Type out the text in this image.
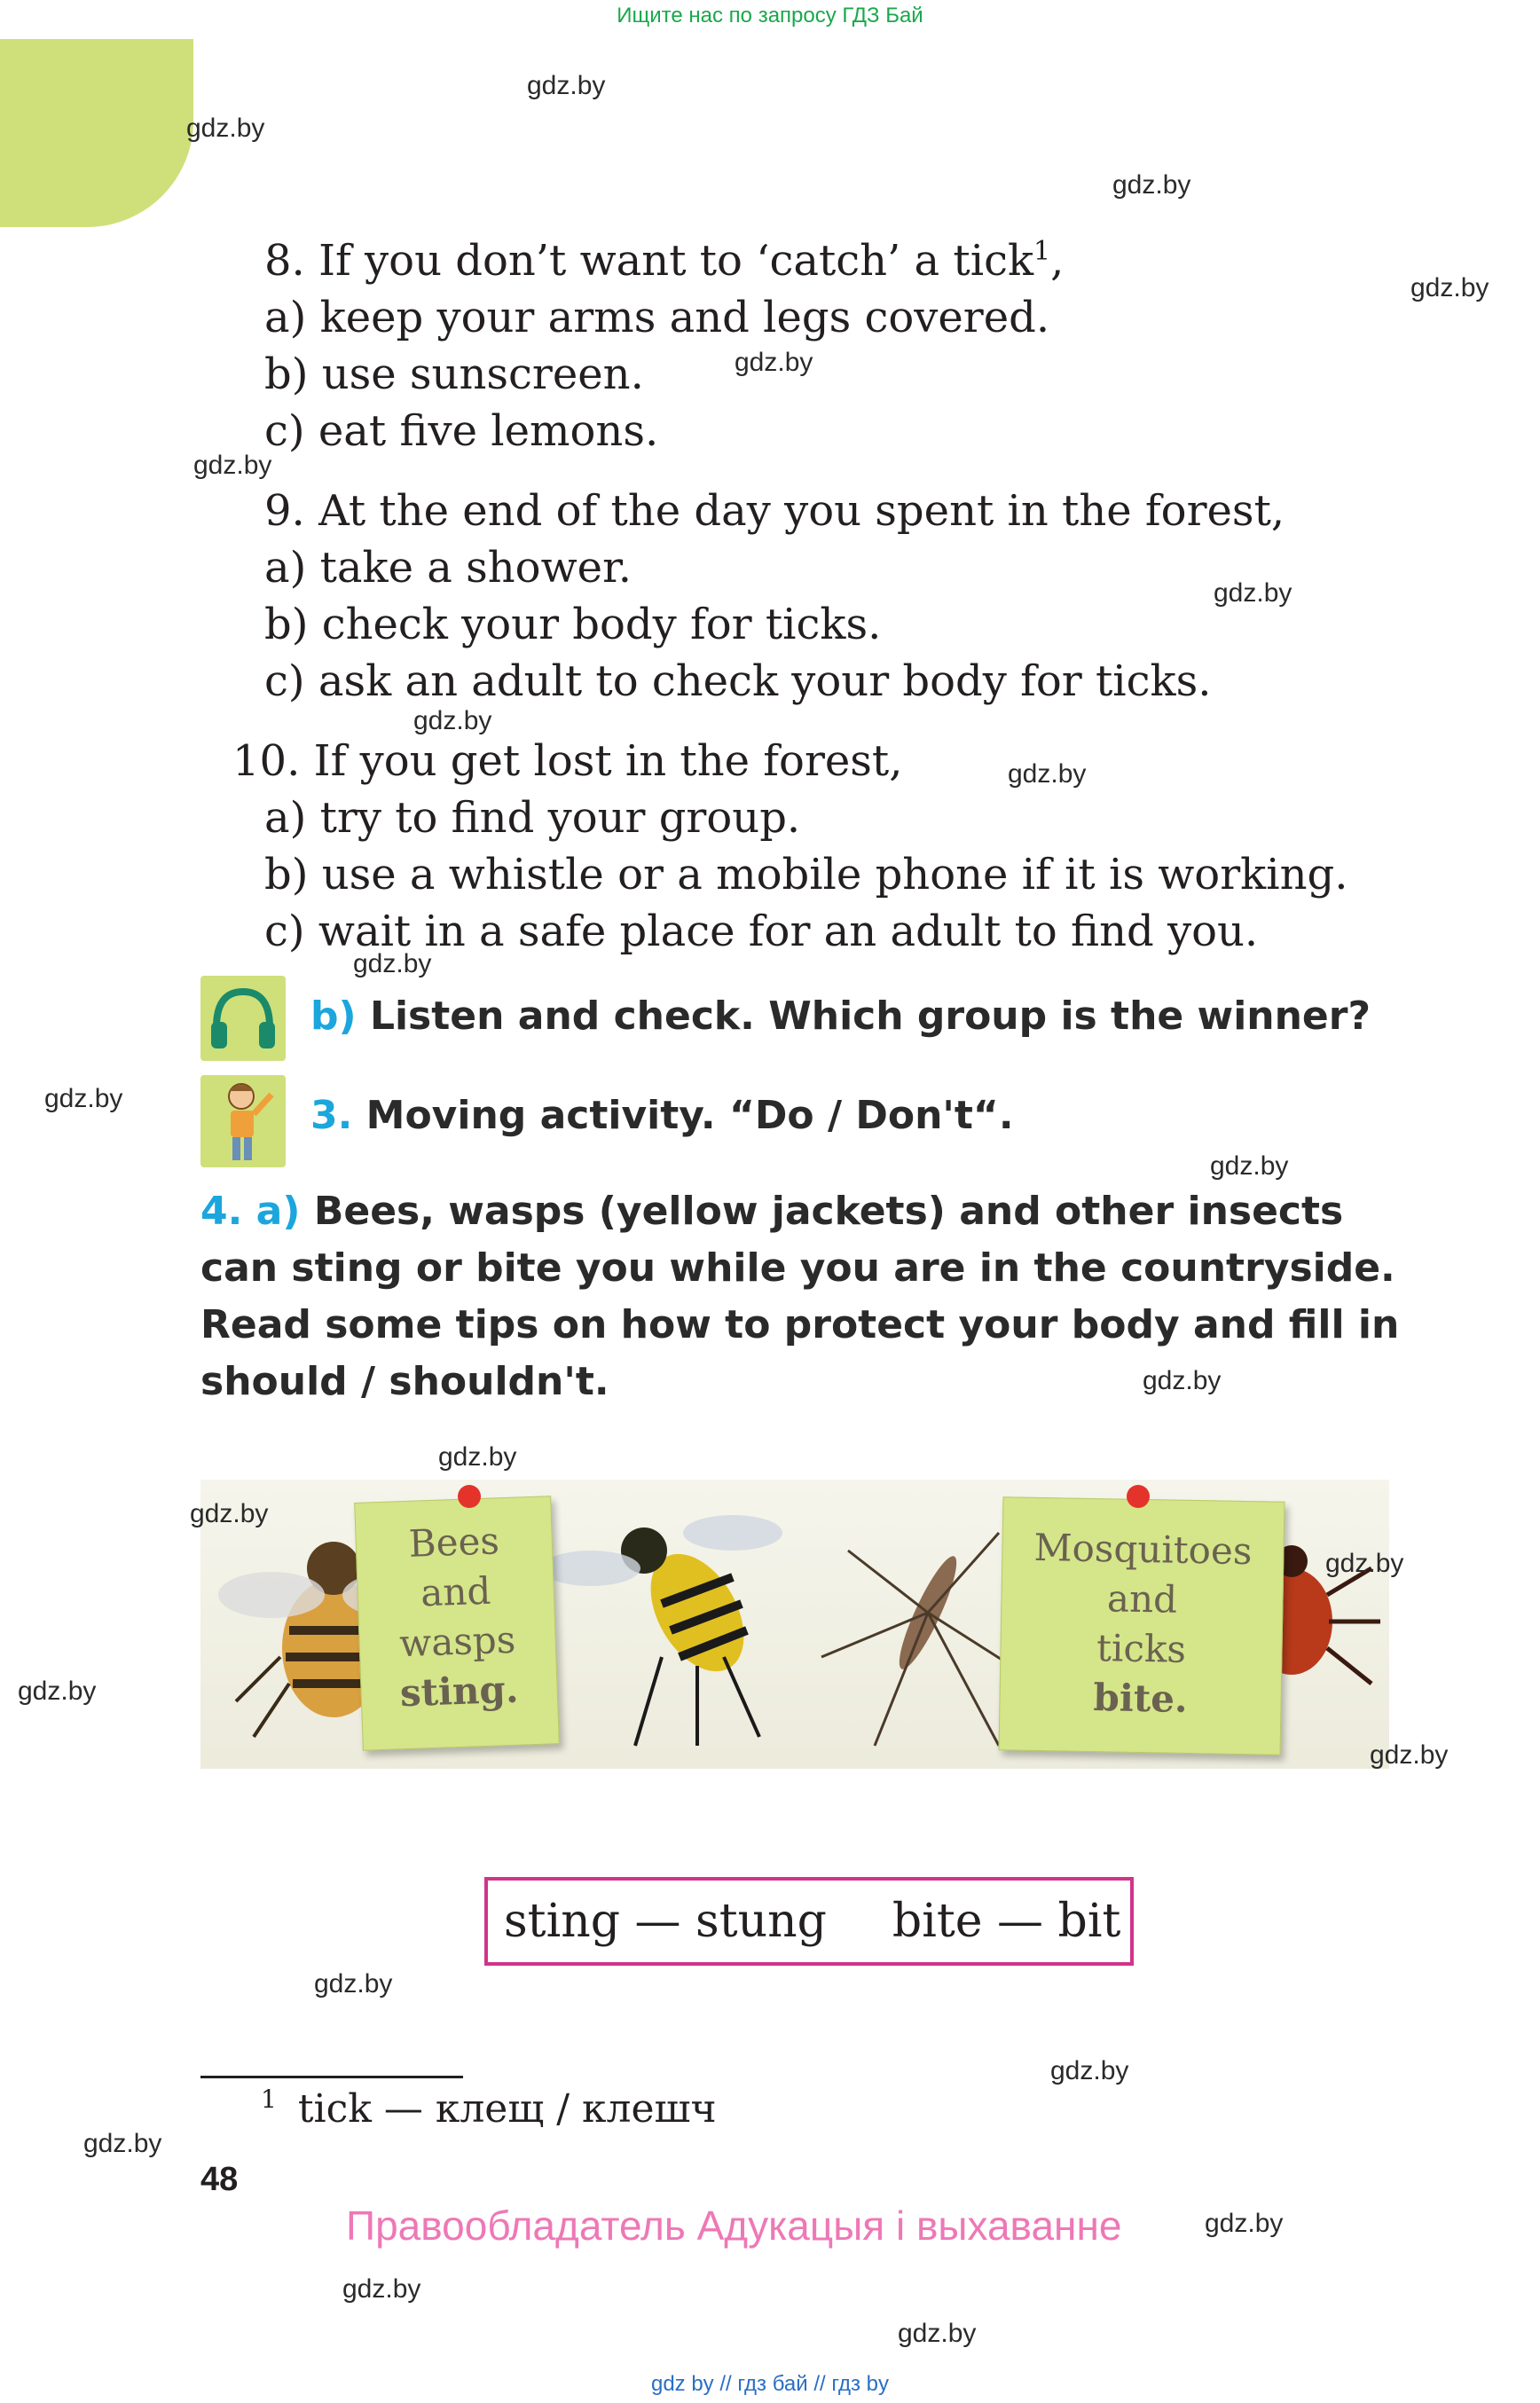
Ищите нас по запросу ГДЗ Бай
8. If you don’t want to ‘catch’ a tick$^1$,
a) keep your arms and legs covered.
b) use sunscreen.
c) eat five lemons.
9. At the end of the day you spent in the forest,
a) take a shower.
b) check your body for ticks.
c) ask an adult to check your body for ticks.
10. If you get lost in the forest,
a) try to find your group.
b) use a whistle or a mobile phone if it is working.
c) wait in a safe place for an adult to find you.
b) Listen and check. Which group is the winner?
3. Moving activity. “Do / Don't“.
4. a) Bees, wasps (yellow jackets) and other insects can sting or bite you while you are in the countryside. Read some tips on how to protect your body and fill in should / shouldn't.
Bees
and
wasps
sting.
Mosquitoes
and
ticks
bite.
sting — stung bite — bit
$^1$ tick — клещ / клешч
48
Правообладатель Адукацыя і выхаванне
gdz by // гдз бай // гдз by
gdz.by
gdz.by
gdz.by
gdz.by
gdz.by
gdz.by
gdz.by
gdz.by
gdz.by
gdz.by
gdz.by
gdz.by
gdz.by
gdz.by
gdz.by
gdz.by
gdz.by
gdz.by
gdz.by
gdz.by
gdz.by
gdz.by
gdz.by
gdz.by
